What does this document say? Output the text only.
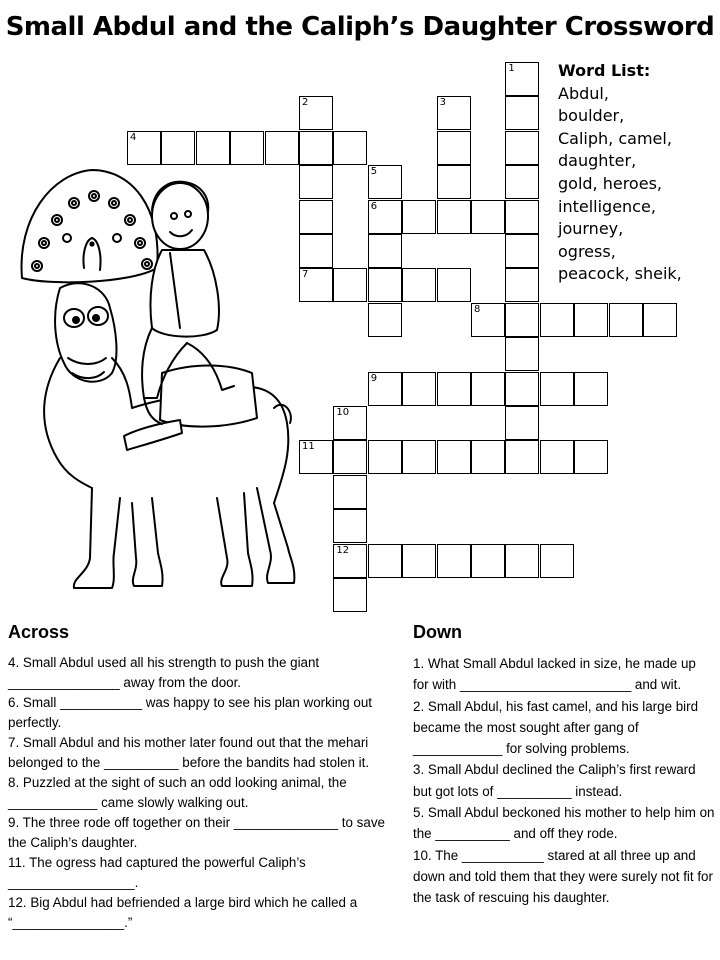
Small Abdul and the Caliph’s Daughter Crossword
1
2
7
3
4
5
6
8
9
10
12
11
Word List:
Abdul,
boulder,
Caliph, camel,
daughter,
gold, heroes,
intelligence,
journey,
ogress,
peacock, sheik,
Across

4. Small Abdul used all his strength to push the giant _______________ away from the door.

6. Small ___________ was happy to see his plan working out perfectly.

7. Small Abdul and his mother later found out that the mehari belonged to the __________ before the bandits had stolen it.

8. Puzzled at the sight of such an odd looking animal, the ____________ came slowly walking out.

9. The three rode off together on their ______________ to save the Caliph’s daughter.

11. The ogress had captured the powerful Caliph’s _________________.

12. Big Abdul had befriended a large bird which he called a “_______________.”

Down

1. What Small Abdul lacked in size, he made up for with _______________________ and wit.

2. Small Abdul, his fast camel, and his large bird became the most sought after gang of ____________ for solving problems.

3. Small Abdul declined the Caliph’s first reward but got lots of __________ instead.

5. Small Abdul beckoned his mother to help him on the __________ and off they rode.

10. The ___________ stared at all three up and down and told them that they were surely not fit for the task of rescuing his daughter.
